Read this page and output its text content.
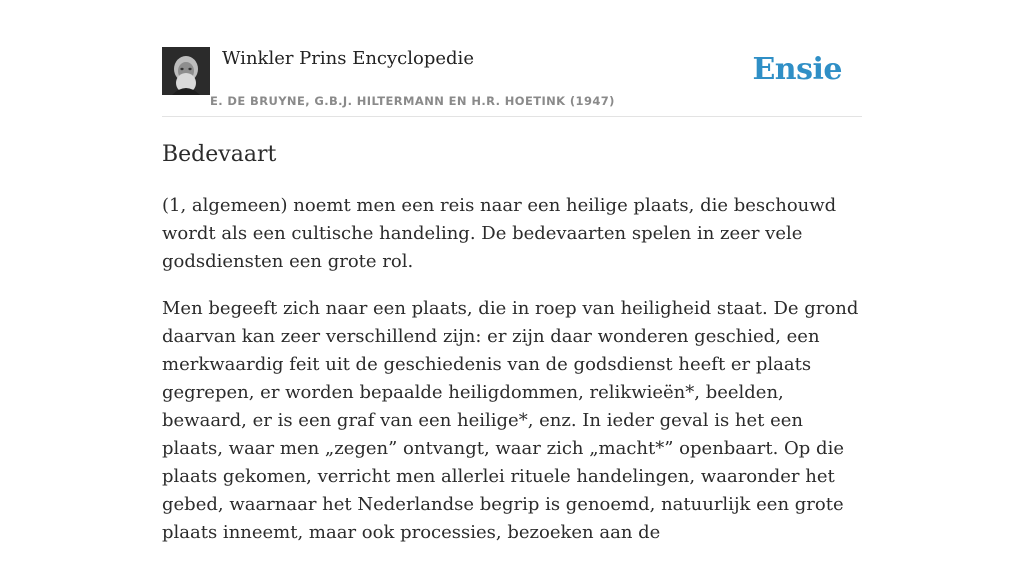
Winkler Prins Encyclopedie
E. DE BRUYNE, G.B.J. HILTERMANN EN H.R. HOETINK (1947)
Ensie
Bedevaart

(1, algemeen) noemt men een reis naar een heilige plaats, die beschouwd wordt als een cultische handeling. De bedevaarten spelen in zeer vele godsdiensten een grote rol.

Men begeeft zich naar een plaats, die in roep van heiligheid staat. De grond daarvan kan zeer verschillend zijn: er zijn daar wonderen geschied, een merkwaardig feit uit de geschiedenis van de godsdienst heeft er plaats gegrepen, er worden bepaalde heiligdommen, relikwieën*, beelden, bewaard, er is een graf van een heilige*, enz. In ieder geval is het een plaats, waar men „zegen” ontvangt, waar zich „macht*” openbaart. Op die plaats gekomen, verricht men allerlei rituele handelingen, waaronder het gebed, waarnaar het Nederlandse begrip is genoemd, natuurlijk een grote plaats inneemt, maar ook processies, bezoeken aan de
